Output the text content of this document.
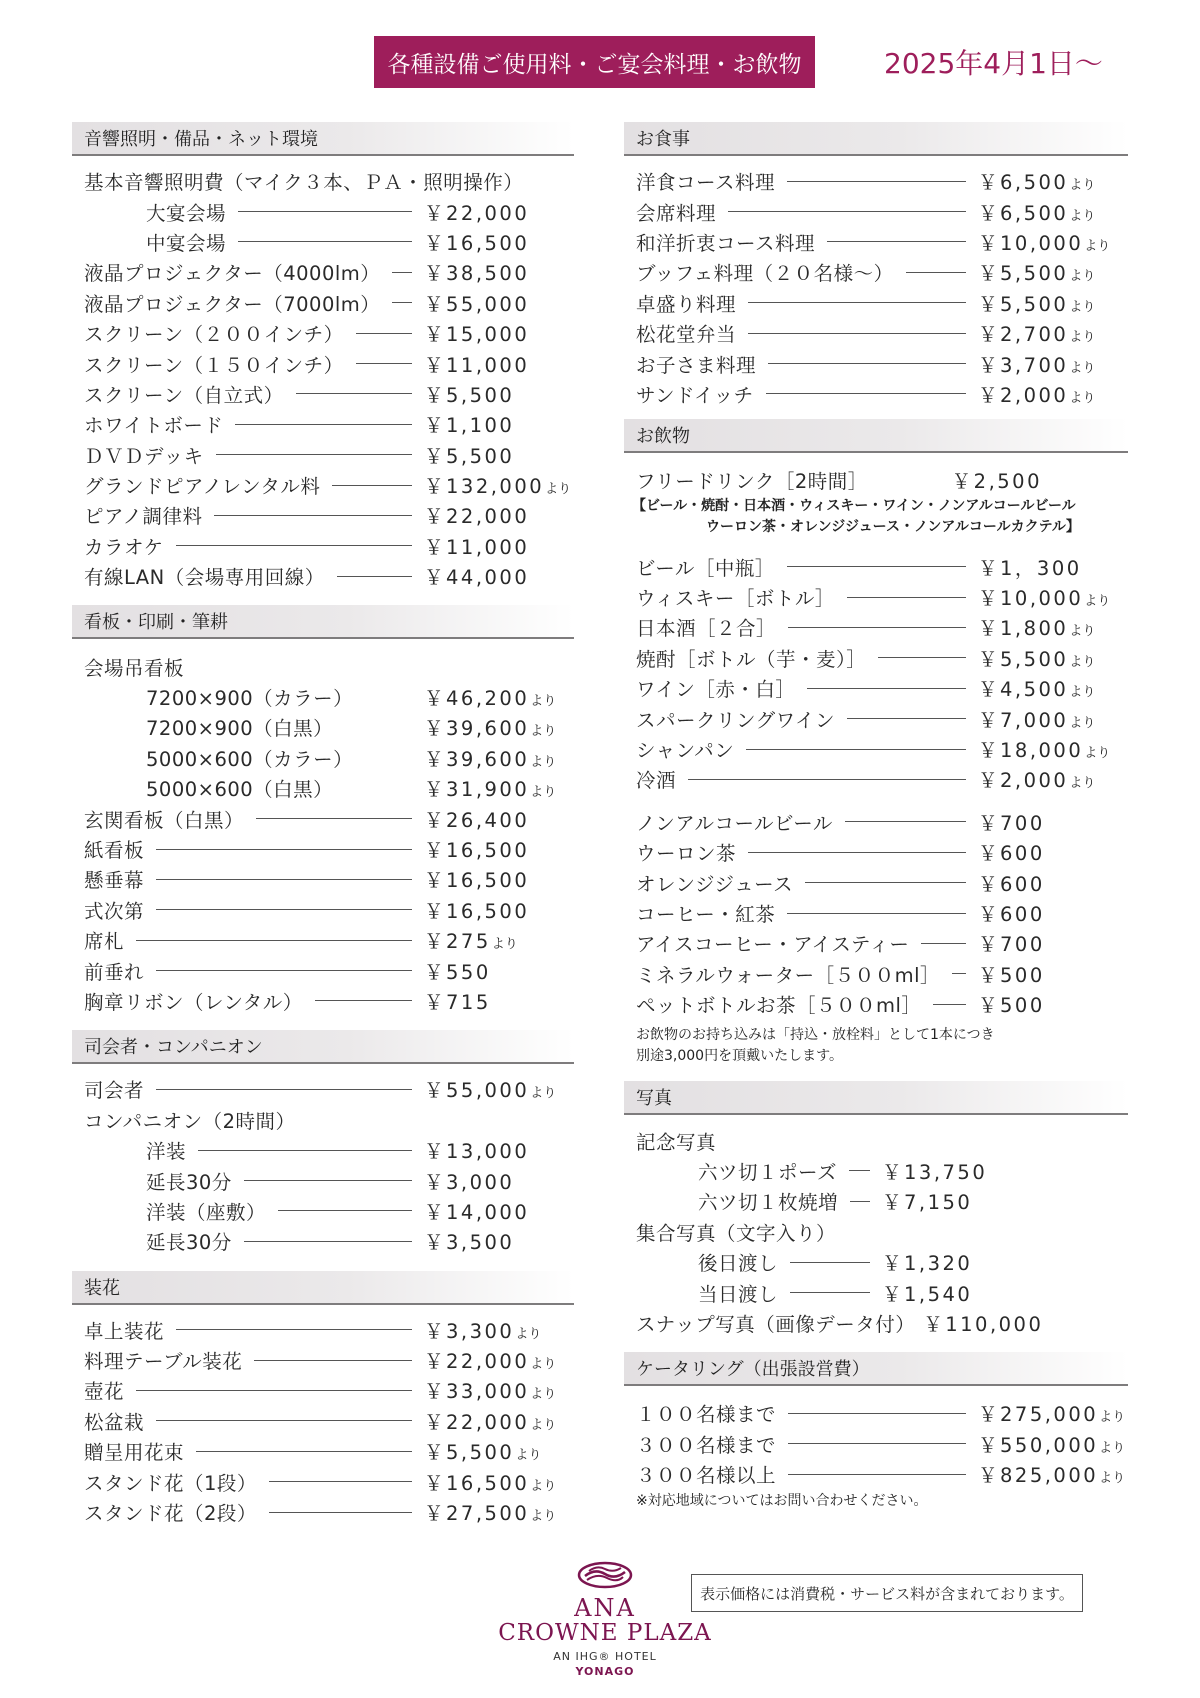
各種設備ご使用料・ご宴会料理・お飲物	2025年4月1日～
音響照明・備品・ネット環境
基本音響照明費（マイク３本、ＰＡ・照明操作）
大宴会場	￥22,000
中宴会場	￥16,500
液晶プロジェクター（4000lm） ￥38,500
液晶プロジェクター（7000lm） ￥55,000
スクリーン（２００インチ）	￥15,000
スクリーン（１５０インチ）	￥11,000
スクリーン（自立式）	￥5,500
ホワイトボード	￥1,100
ＤＶＤデッキ	￥5,500
グランドピアノレンタル料	￥132,000より
ピアノ調律料	￥22,000
カラオケ	￥11,000
有線LAN（会場専用回線）	￥44,000
看板・印刷・筆耕
会場吊看板
7200×900（カラー）	￥46,200より
7200×900（白黒）	￥39,600より
5000×600（カラー）	￥39,600より
5000×600（白黒）	￥31,900より
玄関看板（白黒）	￥26,400
紙看板	￥16,500
懸垂幕	￥16,500
式次第	￥16,500
席札	￥275より
前垂れ	￥550
胸章リボン（レンタル）	￥715
司会者・コンパニオン
司会者	￥55,000より
コンパニオン（2時間）
洋装	￥13,000
延長30分	￥3,000
洋装（座敷）	￥14,000
延長30分	￥3,500
装花
卓上装花	￥3,300より
料理テーブル装花	￥22,000より
壺花	￥33,000より
松盆栽	￥22,000より
贈呈用花束	￥5,500より
スタンド花（1段）	￥16,500より
スタンド花（2段）	￥27,500より
お食事
洋食コース料理	￥6,500より
会席料理	￥6,500より
和洋折衷コース料理	￥10,000より
ブッフェ料理（２０名様～）	￥5,500より
卓盛り料理	￥5,500より
松花堂弁当	￥2,700より
お子さま料理	￥3,700より
サンドイッチ	￥2,000より
お飲物
フリードリンク［2時間］	￥2,500
【ビール・焼酎・日本酒・ウィスキー・ワイン・ノンアルコールビール
ウーロン茶・オレンジジュース・ノンアルコールカクテル】
ビール［中瓶］	￥1，300
ウィスキー［ボトル］	￥10,000より
日本酒［２合］	￥1,800より
焼酎［ボトル（芋・麦）］	￥5,500より
ワイン［赤・白］	￥4,500より
スパークリングワイン	￥7,000より
シャンパン	￥18,000より
冷酒	￥2,000より
ノンアルコールビール	￥700
ウーロン茶	￥600
オレンジジュース	￥600
コーヒー・紅茶	￥600
アイスコーヒー・アイスティー	￥700
ミネラルウォーター［５００ml］ ￥500
ペットボトルお茶［５００ml］	￥500
お飲物のお持ち込みは「持込・放栓料」として1本につき
別途3,000円を頂戴いたします。
写真
記念写真
六ツ切１ポーズ ￥13,750
六ツ切１枚焼増 ￥7,150
集合写真（文字入り）
後日渡し	￥1,320
当日渡し	￥1,540
スナップ写真（画像データ付） ￥110,000
ケータリング（出張設営費）
１００名様まで	￥275,000より
３００名様まで	￥550,000より
３００名様以上	￥825,000より
※対応地域についてはお問い合わせください。
表示価格には消費税・サービス料が含まれております。
ANA
CROWNE PLAZA
AN IHG® HOTEL
YONAGO
